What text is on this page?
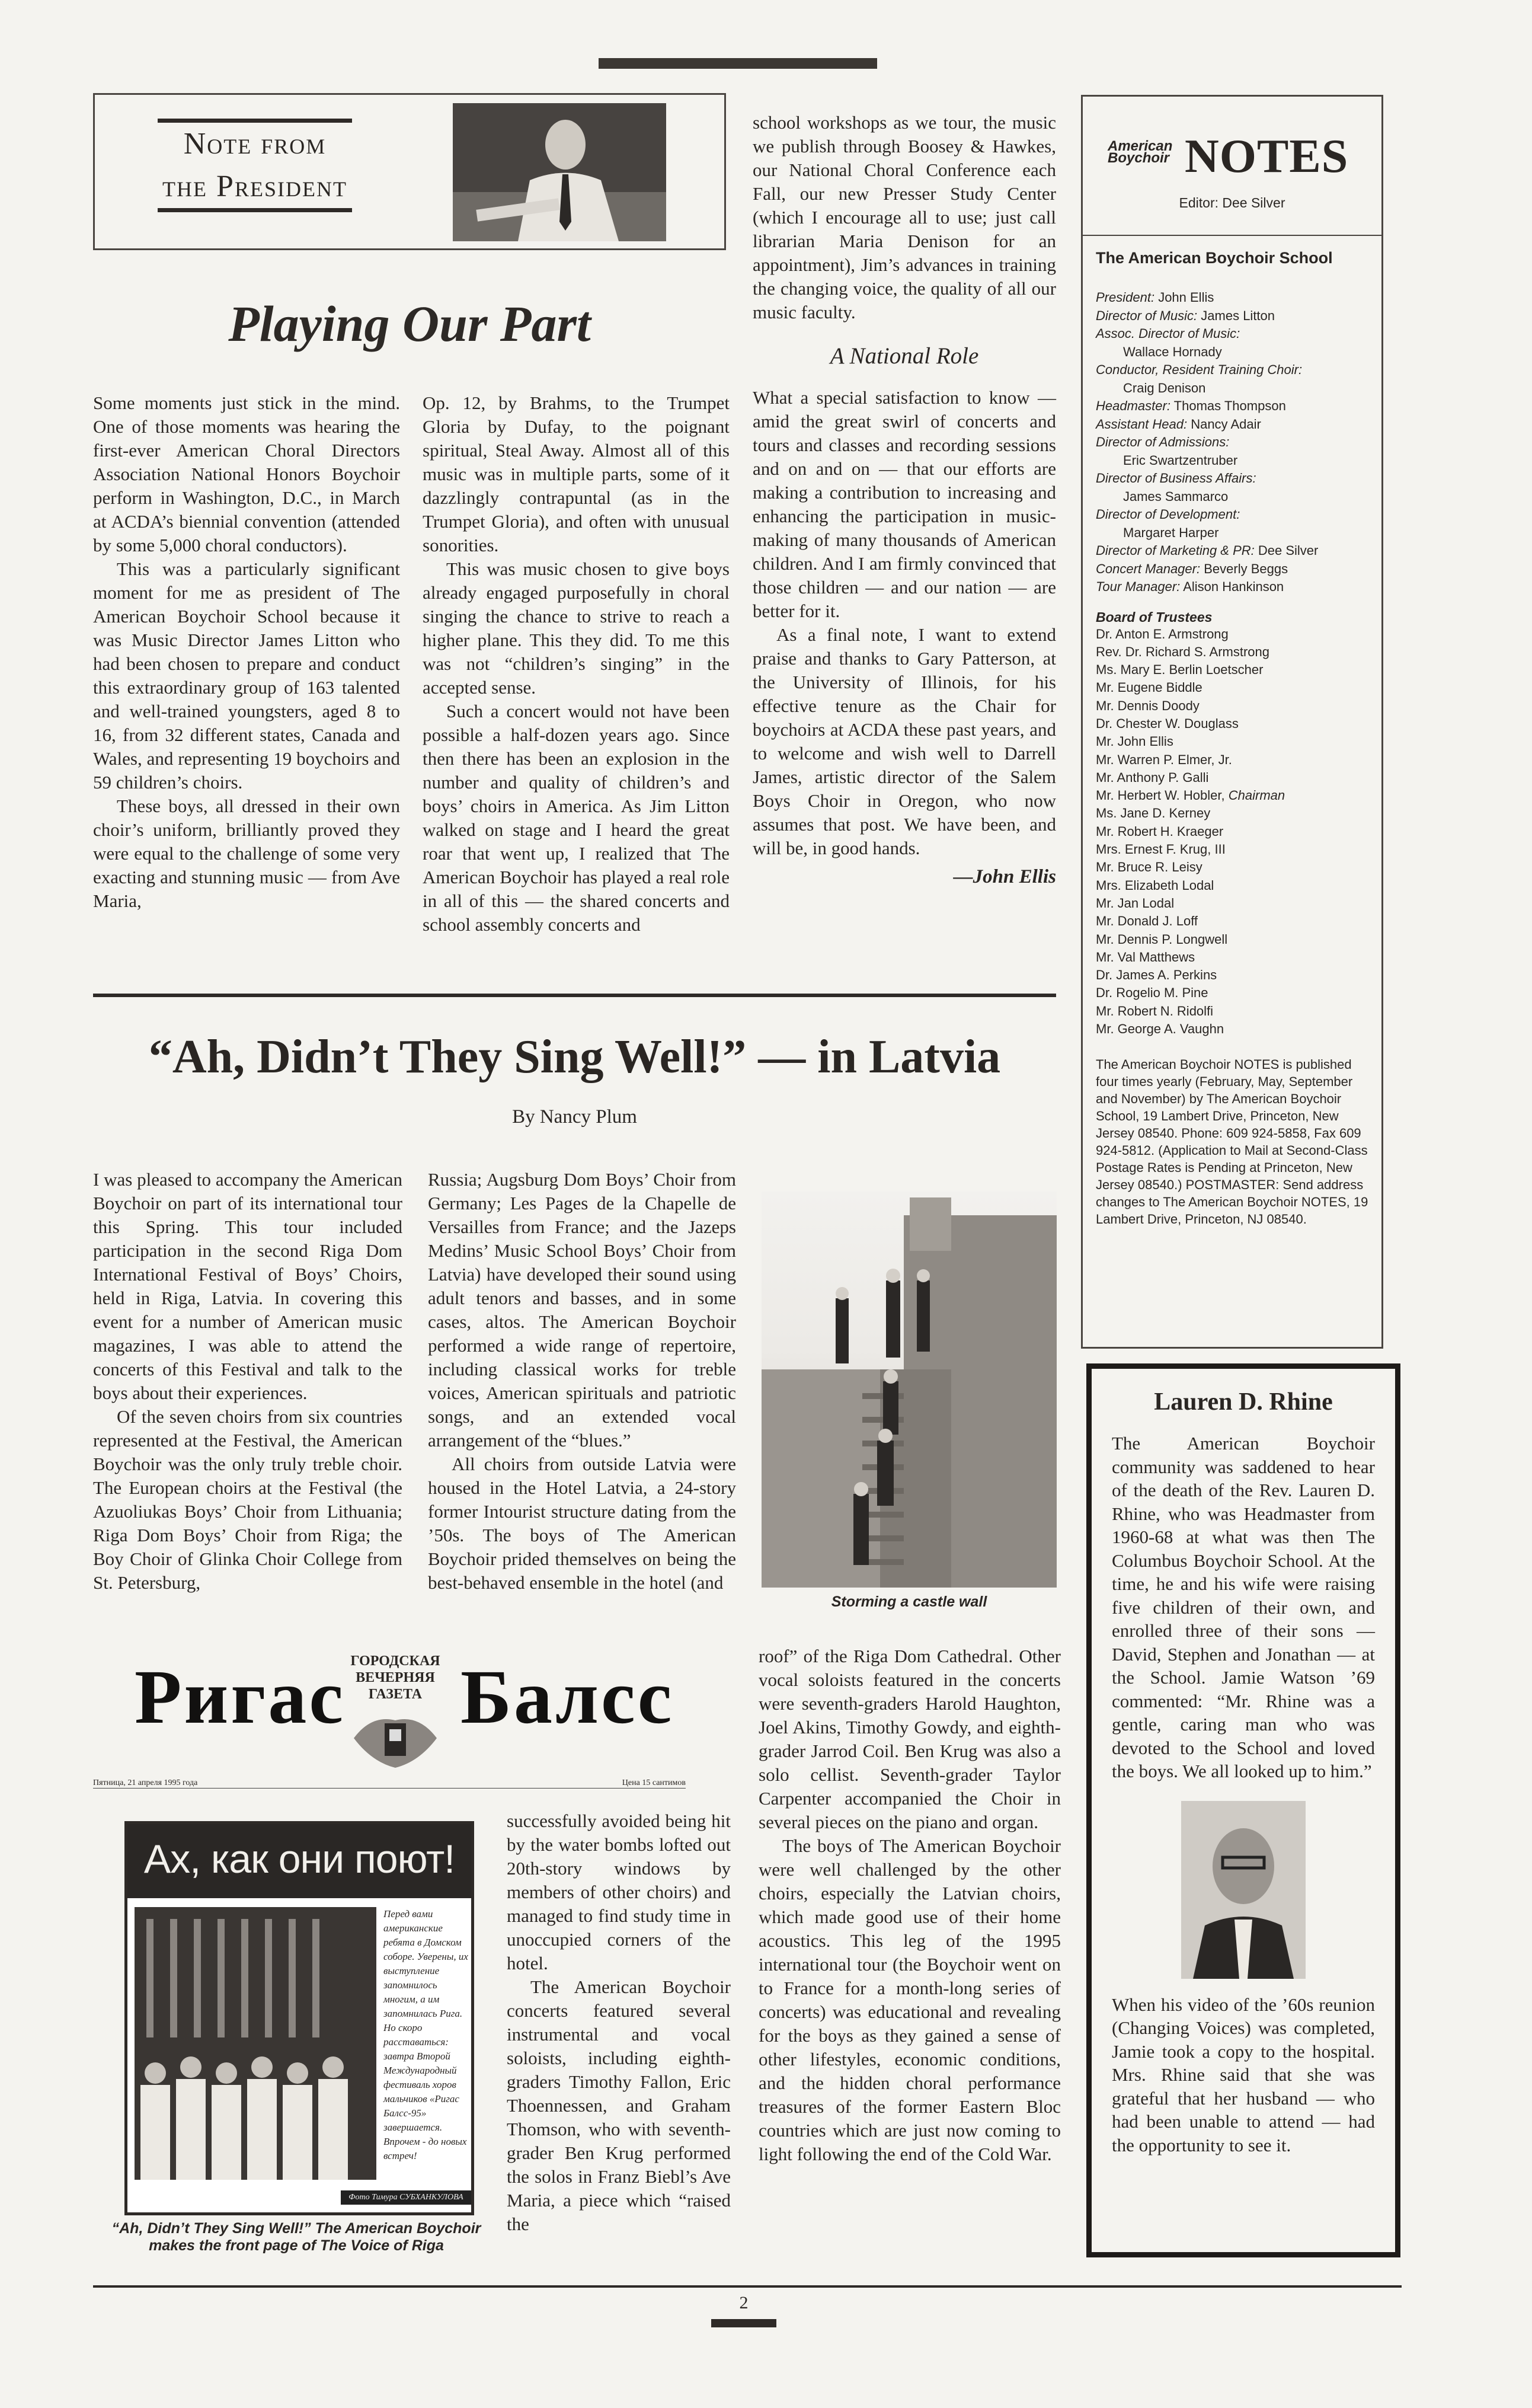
Note from
the President
Playing Our Part

Some moments just stick in the mind. One of those moments was hearing the first-ever American Choral Directors Association National Honors Boychoir perform in Washington, D.C., in March at ACDA’s biennial convention (attended by some 5,000 choral conductors).

This was a particularly significant moment for me as president of The American Boychoir School because it was Music Director James Litton who had been chosen to prepare and conduct this extraordinary group of 163 talented and well-trained youngsters, aged 8 to 16, from 32 different states, Canada and Wales, and representing 19 boychoirs and 59 children’s choirs.

These boys, all dressed in their own choir’s uniform, brilliantly proved they were equal to the challenge of some very exacting and stunning music — from Ave Maria,

Op. 12, by Brahms, to the Trumpet Gloria by Dufay, to the poignant spiritual, Steal Away. Almost all of this music was in multiple parts, some of it dazzlingly contrapuntal (as in the Trumpet Gloria), and often with unusual sonorities.

This was music chosen to give boys already engaged purposefully in choral singing the chance to strive to reach a higher plane. This they did. To me this was not “children’s singing” in the accepted sense.

Such a concert would not have been possible a half-dozen years ago. Since then there has been an explosion in the number and quality of children’s and boys’ choirs in America. As Jim Litton walked on stage and I heard the great roar that went up, I realized that The American Boychoir has played a real role in all of this — the shared concerts and school assembly concerts and

school workshops as we tour, the music we publish through Boosey & Hawkes, our National Choral Conference each Fall, our new Presser Study Center (which I encourage all to use; just call librarian Maria Denison for an appointment), Jim’s advances in training the changing voice, the quality of all our music faculty.

A National Role

What a special satisfaction to know — amid the great swirl of concerts and tours and classes and recording sessions and on and on — that our efforts are making a contribution to increasing and enhancing the participation in music-making of many thousands of American children. And I am firmly convinced that those children — and our nation — are better for it.

As a final note, I want to extend praise and thanks to Gary Patterson, at the University of Illinois, for his effective tenure as the Chair for boychoirs at ACDA these past years, and to welcome and wish well to Darrell James, artistic director of the Salem Boys Choir in Oregon, who now assumes that post. We have been, and will be, in good hands.

—John Ellis
“Ah, Didn’t They Sing Well!” — in Latvia
By Nancy Plum

I was pleased to accompany the American Boychoir on part of its international tour this Spring. This tour included participation in the second Riga Dom International Festival of Boys’ Choirs, held in Riga, Latvia. In covering this event for a number of American music magazines, I was able to attend the concerts of this Festival and talk to the boys about their experiences.

Of the seven choirs from six countries represented at the Festival, the American Boychoir was the only truly treble choir. The European choirs at the Festival (the Azuoliukas Boys’ Choir from Lithuania; Riga Dom Boys’ Choir from Riga; the Boy Choir of Glinka Choir College from St. Petersburg,

Russia; Augsburg Dom Boys’ Choir from Germany; Les Pages de la Chapelle de Versailles from France; and the Jazeps Medins’ Music School Boys’ Choir from Latvia) have developed their sound using adult tenors and basses, and in some cases, altos. The American Boychoir performed a wide range of repertoire, including classical works for treble voices, American spirituals and patriotic songs, and an extended vocal arrangement of the “blues.”

All choirs from outside Latvia were housed in the Hotel Latvia, a 24-story former Intourist structure dating from the ’50s. The boys of The American Boychoir prided themselves on being the best-behaved ensemble in the hotel (and

Storming a castle wall
Ригас ГОРОДСКАЯ
ВЕЧЕРНЯЯ
ГАЗЕТА Балсс
Пятница, 21 апреля 1995 года	Цена 15 сантимов
Ах, как они поют!
Перед вами американские ребята в Домском соборе. Уверены, их выступление запомнилось многим, а им запомнилась Рига. Но скоро расставаться: завтра Второй Международный фестиваль хоров мальчиков «Ригас Балсс-95» завершается. Впрочем - до новых встреч!
Фото Тимура СУБХАНКУЛОВА
“Ah, Didn’t They Sing Well!” The American Boychoir
makes the front page of The Voice of Riga

successfully avoided being hit by the water bombs lofted out 20th-story windows by members of other choirs) and managed to find study time in unoccupied corners of the hotel.

The American Boychoir concerts featured several instrumental and vocal soloists, including eighth-graders Timothy Fallon, Eric Thoennessen, and Graham Thomson, who with seventh-grader Ben Krug performed the solos in Franz Biebl’s Ave Maria, a piece which “raised the

roof” of the Riga Dom Cathedral. Other vocal soloists featured in the concerts were seventh-graders Harold Haughton, Joel Akins, Timothy Gowdy, and eighth-grader Jarrod Coil. Ben Krug was also a solo cellist. Seventh-grader Taylor Carpenter accompanied the Choir in several pieces on the piano and organ.

The boys of The American Boychoir were well challenged by the other choirs, especially the Latvian choirs, which made good use of their home acoustics. This leg of the 1995 international tour (the Boychoir went on to France for a month-long series of concerts) was educational and revealing for the boys as they gained a sense of other lifestyles, economic conditions, and the hidden choral performance treasures of the former Eastern Bloc countries which are just now coming to light following the end of the Cold War.

American
Boychoir NOTES
Editor: Dee Silver
The American Boychoir School
President: John Ellis
Director of Music: James Litton
Assoc. Director of Music:
Wallace Hornady
Conductor, Resident Training Choir:
Craig Denison
Headmaster: Thomas Thompson
Assistant Head: Nancy Adair
Director of Admissions:
Eric Swartzentruber
Director of Business Affairs:
James Sammarco
Director of Development:
Margaret Harper
Director of Marketing & PR: Dee Silver
Concert Manager: Beverly Beggs
Tour Manager: Alison Hankinson
Board of Trustees
Dr. Anton E. Armstrong
Rev. Dr. Richard S. Armstrong
Ms. Mary E. Berlin Loetscher
Mr. Eugene Biddle
Mr. Dennis Doody
Dr. Chester W. Douglass
Mr. John Ellis
Mr. Warren P. Elmer, Jr.
Mr. Anthony P. Galli
Mr. Herbert W. Hobler, Chairman
Ms. Jane D. Kerney
Mr. Robert H. Kraeger
Mrs. Ernest F. Krug, III
Mr. Bruce R. Leisy
Mrs. Elizabeth Lodal
Mr. Jan Lodal
Mr. Donald J. Loff
Mr. Dennis P. Longwell
Mr. Val Matthews
Dr. James A. Perkins
Dr. Rogelio M. Pine
Mr. Robert N. Ridolfi
Mr. George A. Vaughn
The American Boychoir NOTES is published four times yearly (February, May, September and November) by The American Boychoir School, 19 Lambert Drive, Princeton, New Jersey 08540. Phone: 609 924-5858, Fax 609 924-5812. (Application to Mail at Second-Class Postage Rates is Pending at Princeton, New Jersey 08540.) POSTMASTER: Send address changes to The American Boychoir NOTES, 19 Lambert Drive, Princeton, NJ 08540.
Lauren D. Rhine
The American Boychoir community was saddened to hear of the death of the Rev. Lauren D. Rhine, who was Headmaster from 1960-68 at what was then The Columbus Boychoir School. At the time, he and his wife were raising five children of their own, and enrolled three of their sons — David, Stephen and Jonathan — at the School. Jamie Watson ’69 commented: “Mr. Rhine was a gentle, caring man who was devoted to the School and loved the boys. We all looked up to him.”
When his video of the ’60s reunion (Changing Voices) was completed, Jamie took a copy to the hospital. Mrs. Rhine said that she was grateful that her husband — who had been unable to attend — had the opportunity to see it.
2
